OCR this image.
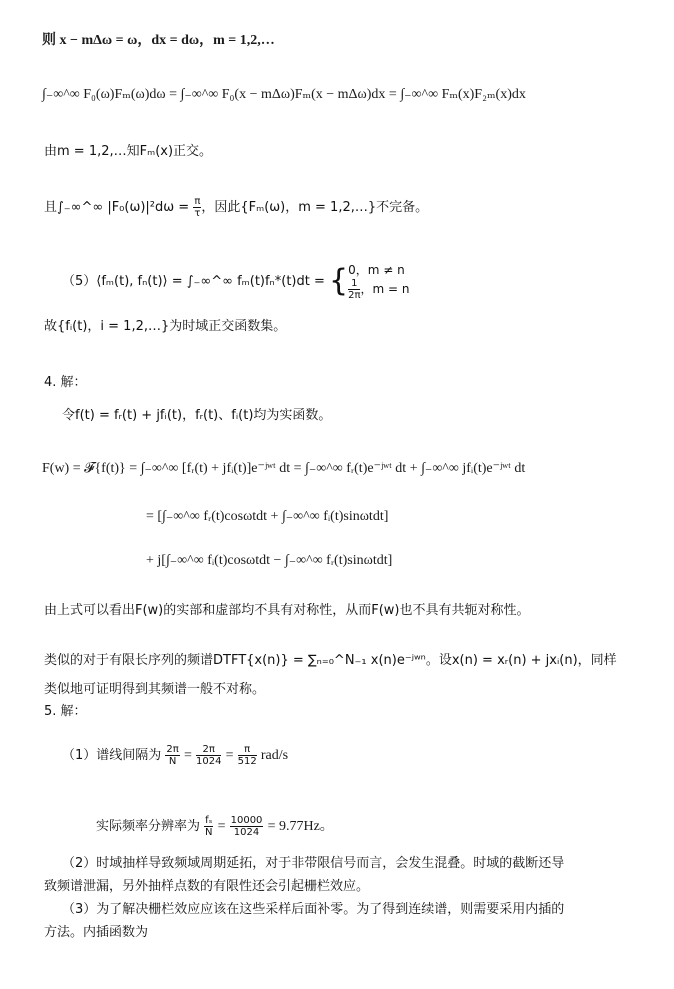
则 x − mΔω = ω，dx = dω，m = 1,2,…
∫₋∞^∞ F₀(ω)Fₘ(ω)dω = ∫₋∞^∞ F₀(x − mΔω)Fₘ(x − mΔω)dx = ∫₋∞^∞ Fₘ(x)F₂ₘ(x)dx
由m = 1,2,…知Fₘ(x)正交。
且∫₋∞^∞ $|F_0(\omega)|^2d\omega = \frac{\pi}{\tau}$ ，因此{Fₘ(ω)，m = 1,2,…}不完备。
（5）⟨fₘ(t), fₙ(t)⟩ = ∫₋∞^∞ fₘ(t)fₙ*(t)dt = { 0，m ≠ n
$\frac{1}{2\pi}$ ，m = n
故{fᵢ(t)，i = 1,2,…}为时域正交函数集。
4. 解：
令f(t) = fᵣ(t) + jfᵢ(t)，fᵣ(t)、fᵢ(t)均为实函数。
F(w) = 𝓕{f(t)} = ∫₋∞^∞ [fᵣ(t) + jfᵢ(t)]e⁻ʲʷᵗ dt = ∫₋∞^∞ fᵣ(t)e⁻ʲʷᵗ dt + ∫₋∞^∞ jfᵢ(t)e⁻ʲʷᵗ dt
= [∫₋∞^∞ fᵣ(t)cosωtdt + ∫₋∞^∞ fᵢ(t)sinωtdt]
+ j[∫₋∞^∞ fᵢ(t)cosωtdt − ∫₋∞^∞ fᵣ(t)sinωtdt]
由上式可以看出F(w)的实部和虚部均不具有对称性，从而F(w)也不具有共轭对称性。
类似的对于有限长序列的频谱DTFT{x(n)} = ∑ₙ₌₀^N₋₁ x(n)e⁻ʲʷⁿ。设x(n) = xᵣ(n) + jxᵢ(n)，同样
类似地可证明得到其频谱一般不对称。
5. 解：
（1）谱线间隔为 $\frac{2\pi}{N} = \frac{2\pi}{1024} = \frac{\pi}{512} rad/s$
实际频率分辨率为 $\frac{\text{fₛ}}{N} = \frac{10000}{1024} = 9.77Hz$。
（2）时域抽样导致频域周期延拓，对于非带限信号而言，会发生混叠。时域的截断还导
致频谱泄漏，另外抽样点数的有限性还会引起栅栏效应。
（3）为了解决栅栏效应应该在这些采样后面补零。为了得到连续谱，则需要采用内插的
方法。内插函数为
